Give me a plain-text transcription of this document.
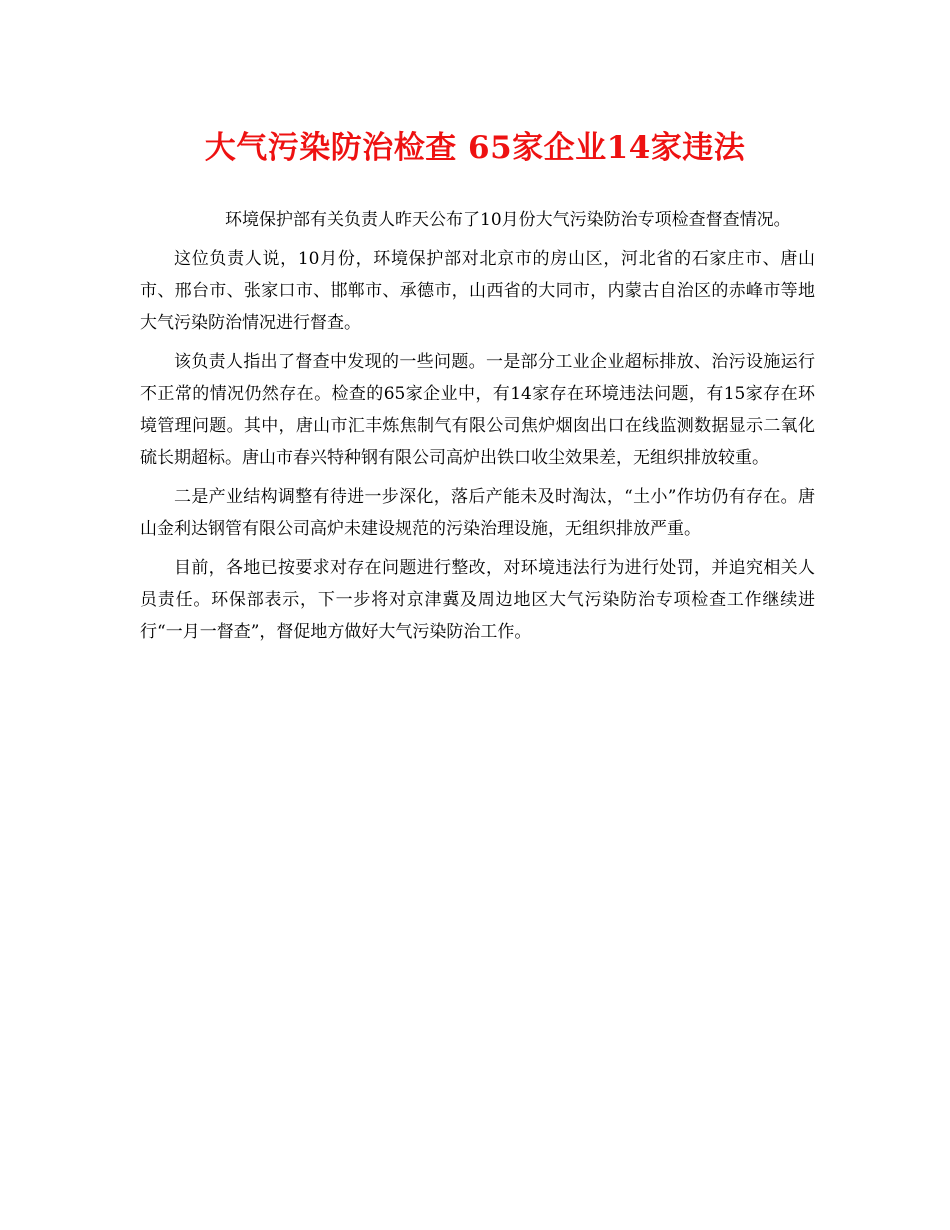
大气污染防治检查 65家企业14家违法

环境保护部有关负责人昨天公布了10月份大气污染防治专项检查督查情况。

这位负责人说，10月份，环境保护部对北京市的房山区，河北省的石家庄市、唐山市、邢台市、张家口市、邯郸市、承德市，山西省的大同市，内蒙古自治区的赤峰市等地大气污染防治情况进行督查。

该负责人指出了督查中发现的一些问题。一是部分工业企业超标排放、治污设施运行不正常的情况仍然存在。检查的65家企业中，有14家存在环境违法问题，有15家存在环境管理问题。其中，唐山市汇丰炼焦制气有限公司焦炉烟囱出口在线监测数据显示二氧化硫长期超标。唐山市春兴特种钢有限公司高炉出铁口收尘效果差，无组织排放较重。

二是产业结构调整有待进一步深化，落后产能未及时淘汰，“土小”作坊仍有存在。唐山金利达钢管有限公司高炉未建设规范的污染治理设施，无组织排放严重。

目前，各地已按要求对存在问题进行整改，对环境违法行为进行处罚，并追究相关人员责任。环保部表示，下一步将对京津冀及周边地区大气污染防治专项检查工作继续进行“一月一督查”，督促地方做好大气污染防治工作。
